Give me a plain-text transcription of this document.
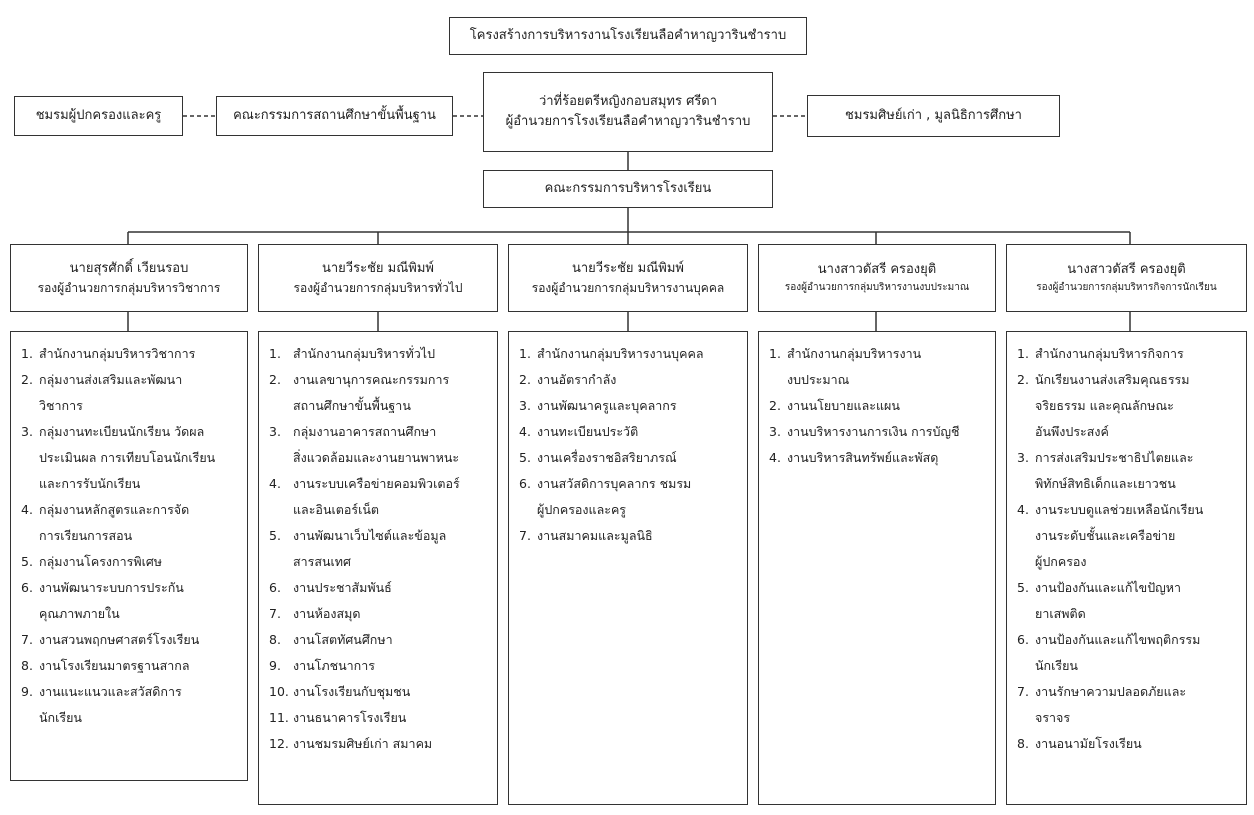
โครงสร้างการบริหารงานโรงเรียนลือคำหาญวารินชำราบ
ชมรมผู้ปกครองและครู	คณะกรรมการสถานศึกษาขั้นพื้นฐาน
ว่าที่ร้อยตรีหญิงกอบสมุทร ศรีดา
ผู้อำนวยการโรงเรียนลือคำหาญวารินชำราบ	ชมรมศิษย์เก่า , มูลนิธิการศึกษา
คณะกรรมการบริหารโรงเรียน
นายสุรศักดิ์ เวียนรอบ
รองผู้อำนวยการกลุ่มบริหารวิชาการ
นายวีระชัย มณีพิมพ์
รองผู้อำนวยการกลุ่มบริหารทั่วไป
นายวีระชัย มณีพิมพ์
รองผู้อำนวยการกลุ่มบริหารงานบุคคล
นางสาวดัสรี ครองยุติ
รองผู้อำนวยการกลุ่มบริหารงานงบประมาณ
นางสาวดัสรี ครองยุติ
รองผู้อำนวยการกลุ่มบริหารกิจการนักเรียน
1. สำนักงานกลุ่มบริหารวิชาการ
2. กลุ่มงานส่งเสริมและพัฒนา
วิชาการ
3. กลุ่มงานทะเบียนนักเรียน วัดผล
ประเมินผล การเทียบโอนนักเรียน
และการรับนักเรียน
4. กลุ่มงานหลักสูตรและการจัด
การเรียนการสอน
5. กลุ่มงานโครงการพิเศษ
6. งานพัฒนาระบบการประกัน
คุณภาพภายใน
7. งานสวนพฤกษศาสตร์โรงเรียน
8. งานโรงเรียนมาตรฐานสากล
9. งานแนะแนวและสวัสดิการ
นักเรียน
1. สำนักงานกลุ่มบริหารทั่วไป
2. งานเลขานุการคณะกรรมการ
สถานศึกษาขั้นพื้นฐาน
3. กลุ่มงานอาคารสถานศึกษา
สิ่งแวดล้อมและงานยานพาหนะ
4. งานระบบเครือข่ายคอมพิวเตอร์
และอินเตอร์เน็ต
5. งานพัฒนาเว็บไซต์และข้อมูล
สารสนเทศ
6. งานประชาสัมพันธ์
7. งานห้องสมุด
8. งานโสตทัศนศึกษา
9. งานโภชนาการ
10. งานโรงเรียนกับชุมชน
11. งานธนาคารโรงเรียน
12. งานชมรมศิษย์เก่า สมาคม
1. สำนักงานกลุ่มบริหารงานบุคคล
2. งานอัตรากำลัง
3. งานพัฒนาครูและบุคลากร
4. งานทะเบียนประวัติ
5. งานเครื่องราชอิสริยาภรณ์
6. งานสวัสดิการบุคลากร ชมรม
ผู้ปกครองและครู
7. งานสมาคมและมูลนิธิ
1. สำนักงานกลุ่มบริหารงาน
งบประมาณ
2. งานนโยบายและแผน
3. งานบริหารงานการเงิน การบัญชี
4. งานบริหารสินทรัพย์และพัสดุ
1. สำนักงานกลุ่มบริหารกิจการ
2. นักเรียนงานส่งเสริมคุณธรรม
จริยธรรม และคุณลักษณะ
อันพึงประสงค์
3. การส่งเสริมประชาธิปไตยและ
พิทักษ์สิทธิเด็กและเยาวชน
4. งานระบบดูแลช่วยเหลือนักเรียน
งานระดับชั้นและเครือข่าย
ผู้ปกครอง
5. งานป้องกันและแก้ไขปัญหา
ยาเสพติด
6. งานป้องกันและแก้ไขพฤติกรรม
นักเรียน
7. งานรักษาความปลอดภัยและ
จราจร
8. งานอนามัยโรงเรียน
